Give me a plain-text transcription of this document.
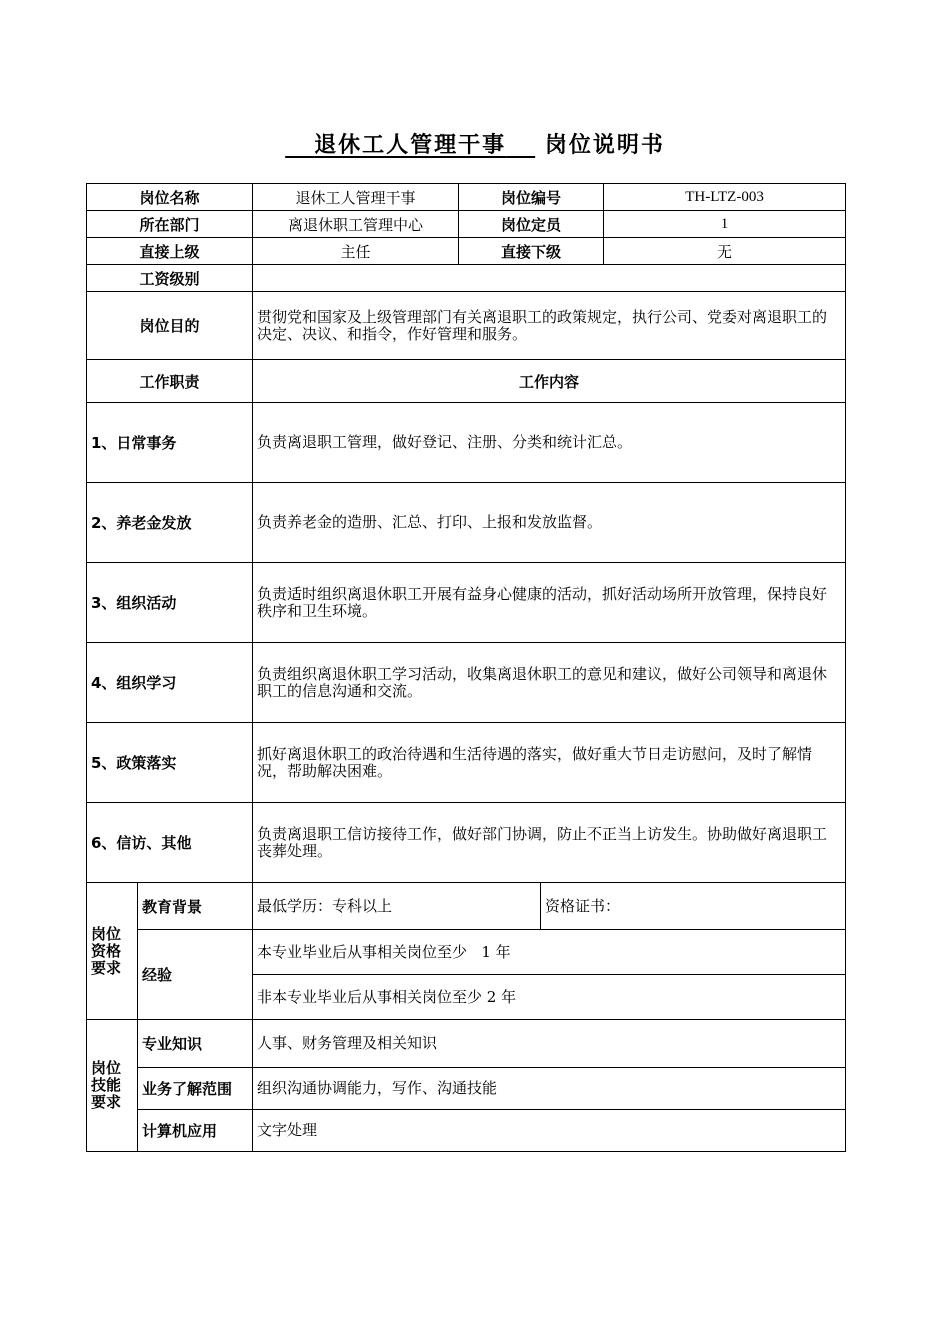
退休工人管理干事 岗位说明书
岗位名称		退休工人管理干事	岗位编号		TH-LTZ-003
所在部门		离退休职工管理中心	岗位定员		1
直接上级		主任	直接下级		无
工资级别					
岗位目的		贯彻党和国家及上级管理部门有关离退职工的政策规定，执行公司、党委对离退职工的决定、决议、和指令，作好管理和服务。			
工作职责		工作内容			
1、日常事务		负责离退职工管理，做好登记、注册、分类和统计汇总。			
2、养老金发放		负责养老金的造册、汇总、打印、上报和发放监督。			
3、组织活动		负责适时组织离退休职工开展有益身心健康的活动，抓好活动场所开放管理，保持良好秩序和卫生环境。			
4、组织学习		负责组织离退休职工学习活动，收集离退休职工的意见和建议，做好公司领导和离退休职工的信息沟通和交流。			
5、政策落实		抓好离退休职工的政治待遇和生活待遇的落实，做好重大节日走访慰问，及时了解情况，帮助解决困难。			
6、信访、其他		负责离退职工信访接待工作，做好部门协调，防止不正当上访发生。协助做好离退职工丧葬处理。			

岗位资格要求	教育背景	最低学历：专科以上		资格证书：	
	经验	本专业毕业后从事相关岗位至少   1 年			
		非本专业毕业后从事相关岗位至少 2 年			

岗位技能要求	专业知识	人事、财务管理及相关知识			
	业务了解范围	组织沟通协调能力，写作、沟通技能			
	计算机应用	文字处理			
